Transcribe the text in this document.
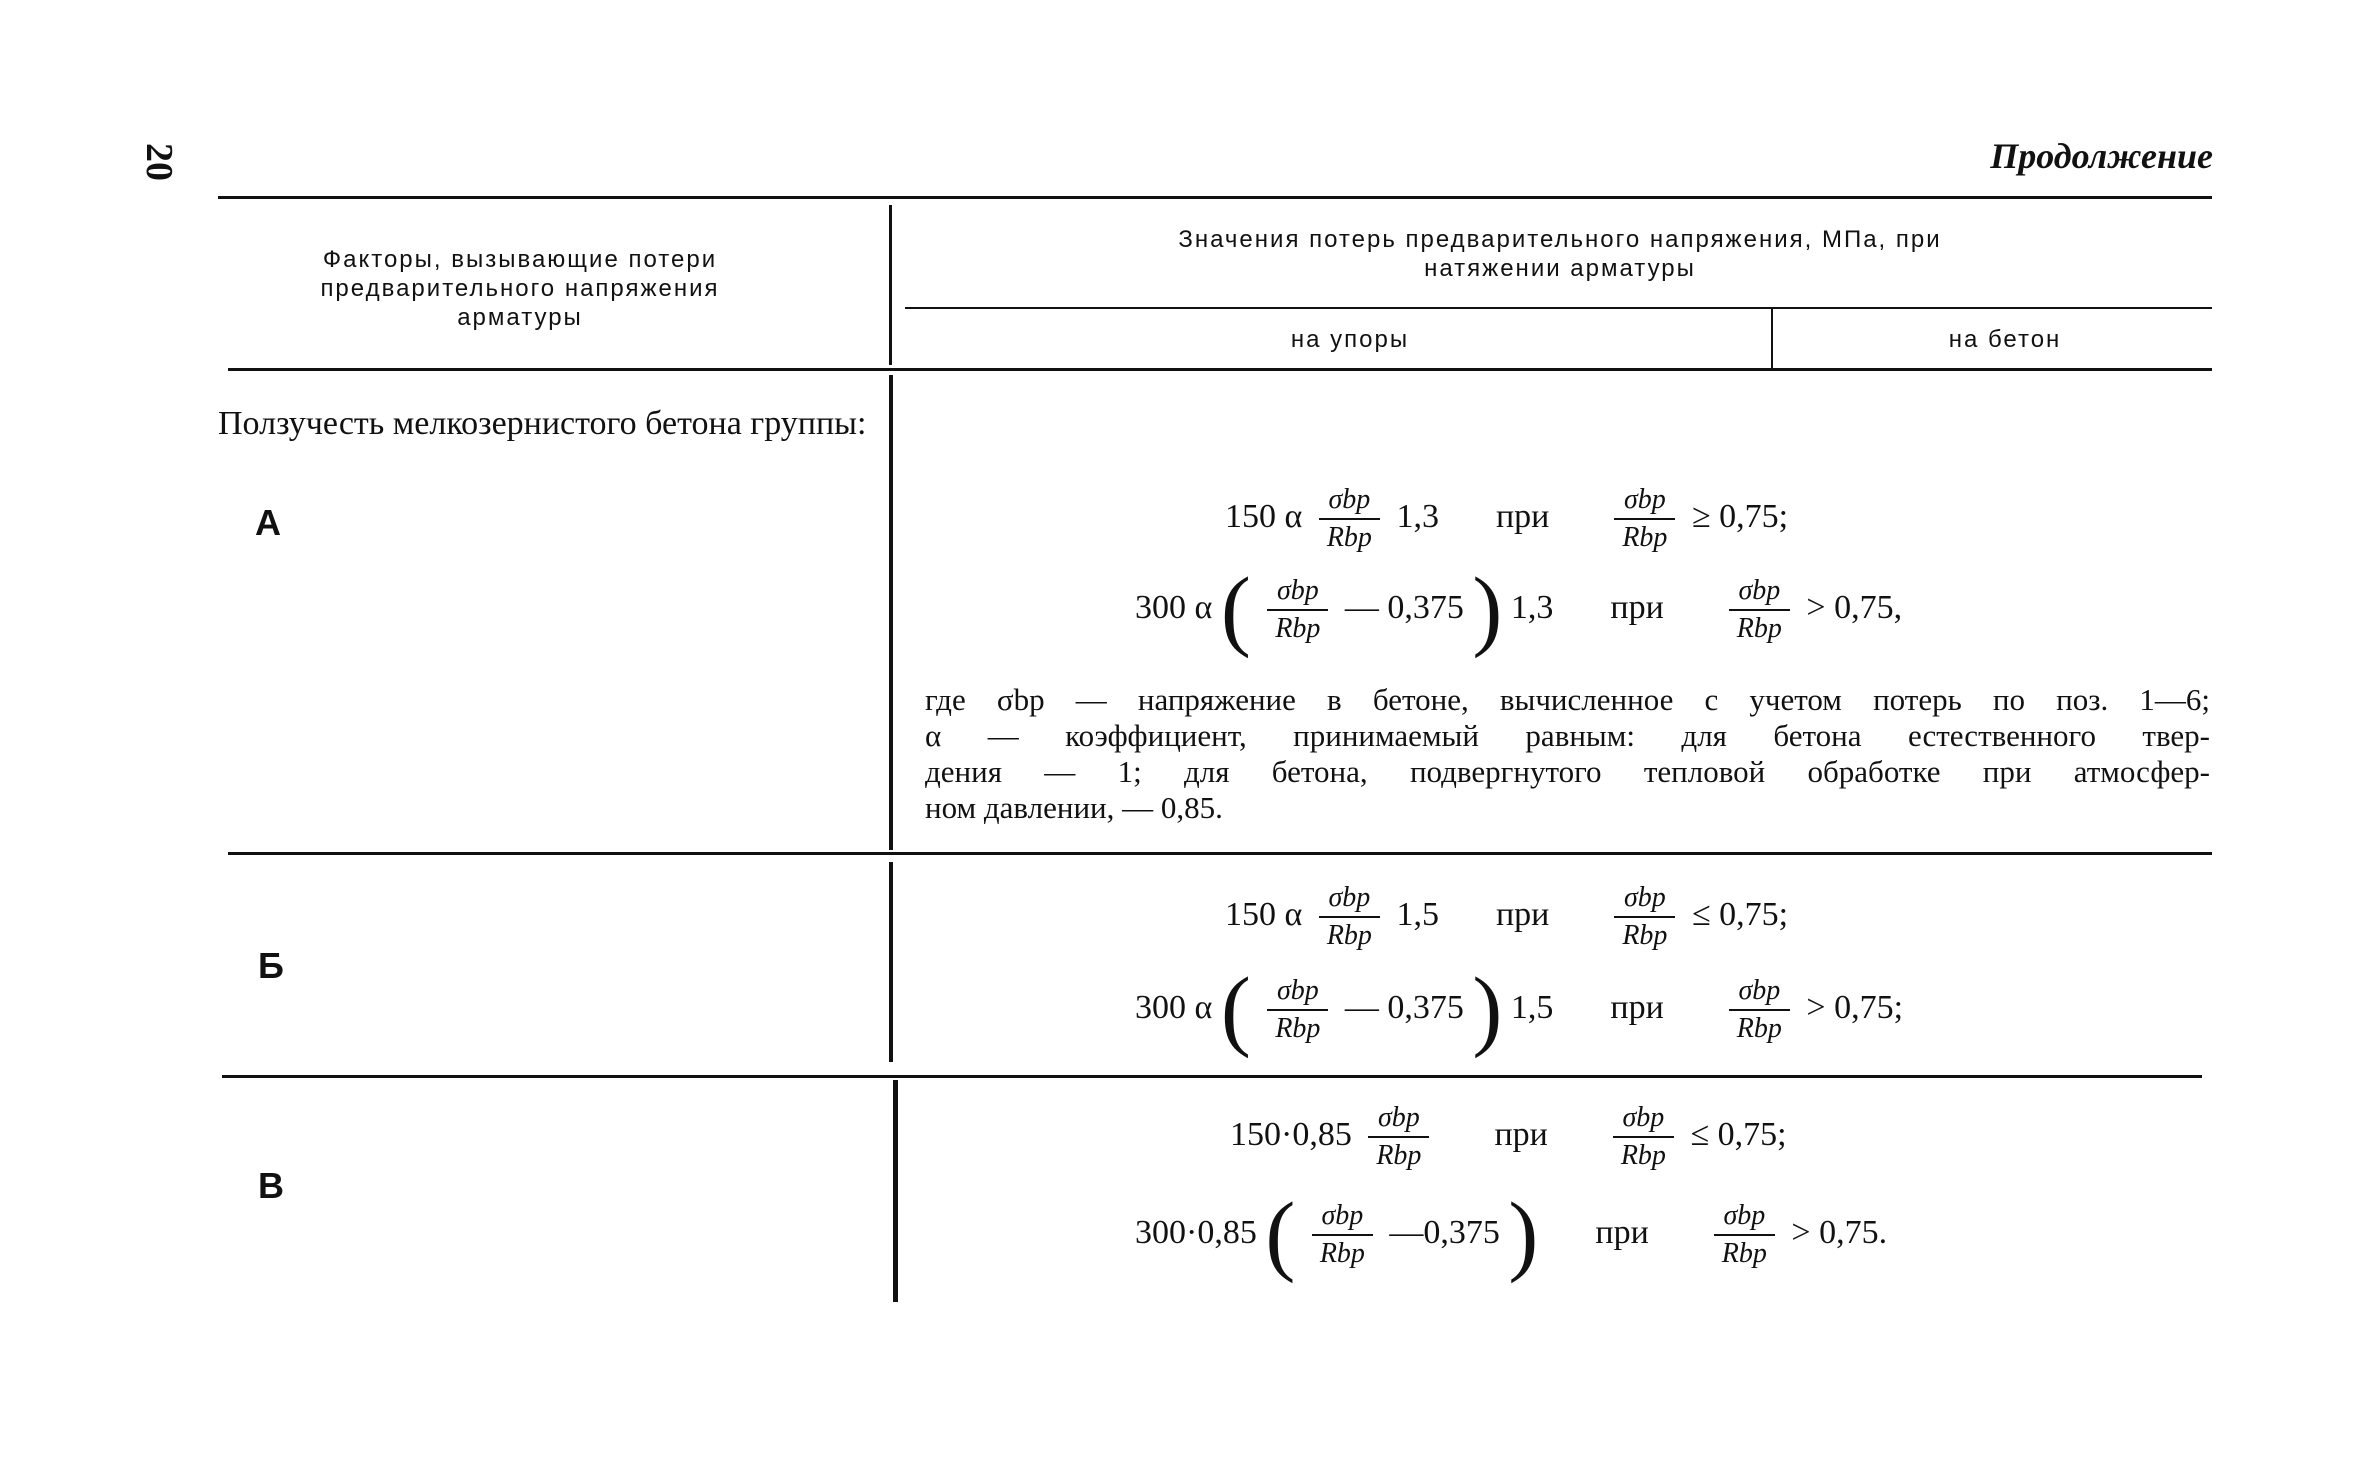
20	Продолжение
Факторы, вызывающие потери предварительного напряжения арматуры
Значения потерь предварительного напряжения, МПа, при натяжении арматуры
на упоры	на бетон
Ползучесть мелкозернистого бетона группы:
А
Б
В
150 α $\frac{\text{σbp}}{\text{Rbp}} 1,3$ при $\frac{\text{σbp}}{\text{Rbp}} \ge 0,75$;
300 α ( $\frac{\text{σbp}}{\text{Rbp}}$ — 0,375 ) 1,3 при $\frac{\text{σbp}}{\text{Rbp}} > 0,75$,
где σbp — напряжение в бетоне, вычисленное с учетом потерь по поз. 1—6;
α — коэффициент, принимаемый равным: для бетона естественного твер-
дения — 1; для бетона, подвергнутого тепловой обработке при атмосфер-
ном давлении, — 0,85.
150 α $\frac{\text{σbp}}{\text{Rbp}} 1,5$ при $\frac{\text{σbp}}{\text{Rbp}} \le 0,75$;
300 α ( $\frac{\text{σbp}}{\text{Rbp}}$ — 0,375 ) 1,5 при $\frac{\text{σbp}}{\text{Rbp}} > 0,75$;
$150\cdot 0,85 \frac{\text{σbp}}{\text{Rbp}}$ при $\frac{\text{σbp}}{\text{Rbp}} \le 0,75$;
300·0,85 ( $\frac{\text{σbp}}{\text{Rbp}}$ —0,375 ) при $\frac{\text{σbp}}{\text{Rbp}} > 0,75$.
